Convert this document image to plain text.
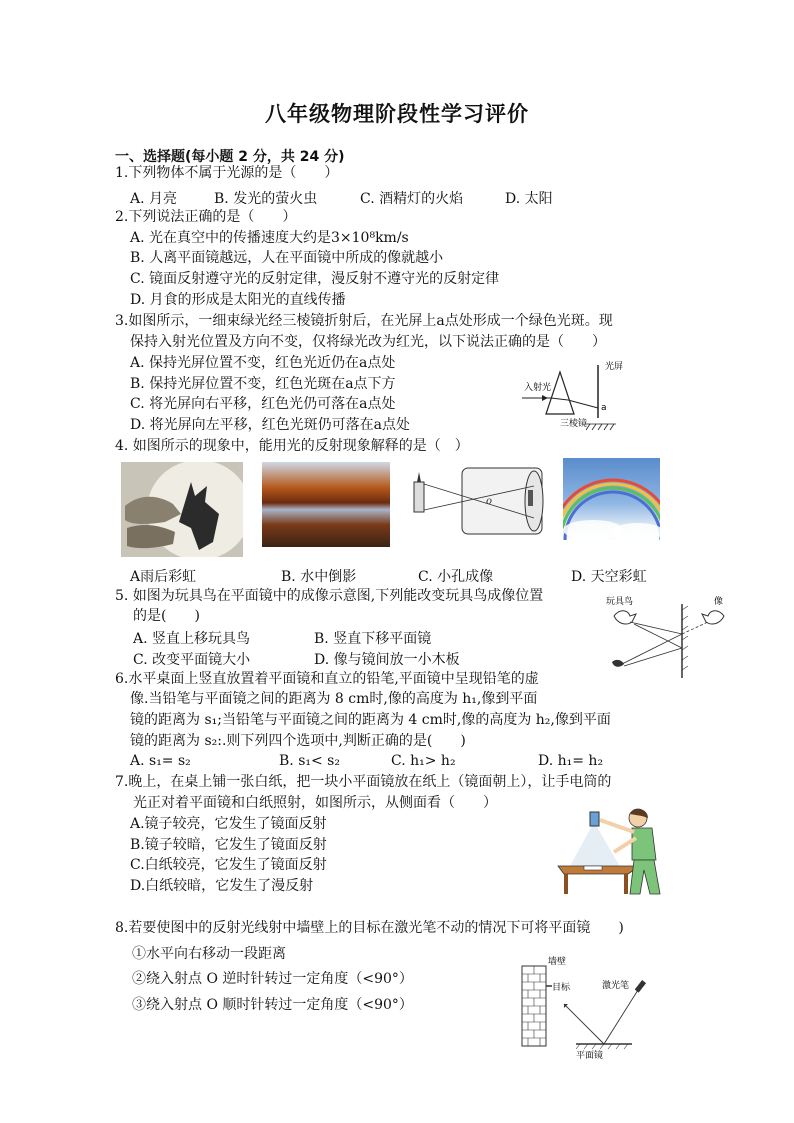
八年级物理阶段性学习评价
一、选择题(每小题 2 分，共 24 分)
1.下列物体不属于光源的是（　　）
A. 月亮	B. 发光的萤火虫	C. 酒精灯的火焰	D. 太阳
2.下列说法正确的是（　　）
A. 光在真空中的传播速度大约是3×10⁸km/s
B. 人离平面镜越远，人在平面镜中所成的像就越小
C. 镜面反射遵守光的反射定律，漫反射不遵守光的反射定律
D. 月食的形成是太阳光的直线传播
3.如图所示，一细束绿光经三棱镜折射后，在光屏上a点处形成一个绿色光斑。现
保持入射光位置及方向不变，仅将绿光改为红光，以下说法正确的是（　　）
A. 保持光屏位置不变，红色光近仍在a点处
B. 保持光屏位置不变，红色光斑在a点下方
C. 将光屏向右平移，红色光仍可落在a点处
D. 将光屏向左平移，红色光斑仍可落在a点处
光屏
入射光
三棱镜
a
4. 如图所示的现象中，能用光的反射现象解释的是（　）
o
A雨后彩虹	B. 水中倒影	C. 小孔成像	D. 天空彩虹
5. 如图为玩具鸟在平面镜中的成像示意图,下列能改变玩具鸟成像位置
的是(　　)
A. 竖直上移玩具鸟	B. 竖直下移平面镜
C. 改变平面镜大小	D. 像与镜间放一小木板
玩具鸟	像
6.水平桌面上竖直放置着平面镜和直立的铅笔,平面镜中呈现铅笔的虚
像.当铅笔与平面镜之间的距离为 8 cm时,像的高度为 h₁,像到平面
镜的距离为 s₁;当铅笔与平面镜之间的距离为 4 cm时,像的高度为 h₂,像到平面
镜的距离为 s₂:.则下列四个选项中,判断正确的是(　　)
A. s₁= s₂	B. s₁< s₂	C. h₁> h₂	D. h₁= h₂
7.晚上，在桌上铺一张白纸，把一块小平面镜放在纸上（镜面朝上），让手电筒的
光正对着平面镜和白纸照射，如图所示，从侧面看（　　）
A.镜子较亮，它发生了镜面反射
B.镜子较暗，它发生了镜面反射
C.白纸较亮，它发生了镜面反射
D.白纸较暗，它发生了漫反射
8.若要使图中的反射光线射中墙壁上的目标在激光笔不动的情况下可将平面镜　　)
①水平向右移动一段距离
②绕入射点 O 逆时针转过一定角度（<90°）
③绕入射点 O 顺时针转过一定角度（<90°）
墙壁
目标	激光笔
平面镜
